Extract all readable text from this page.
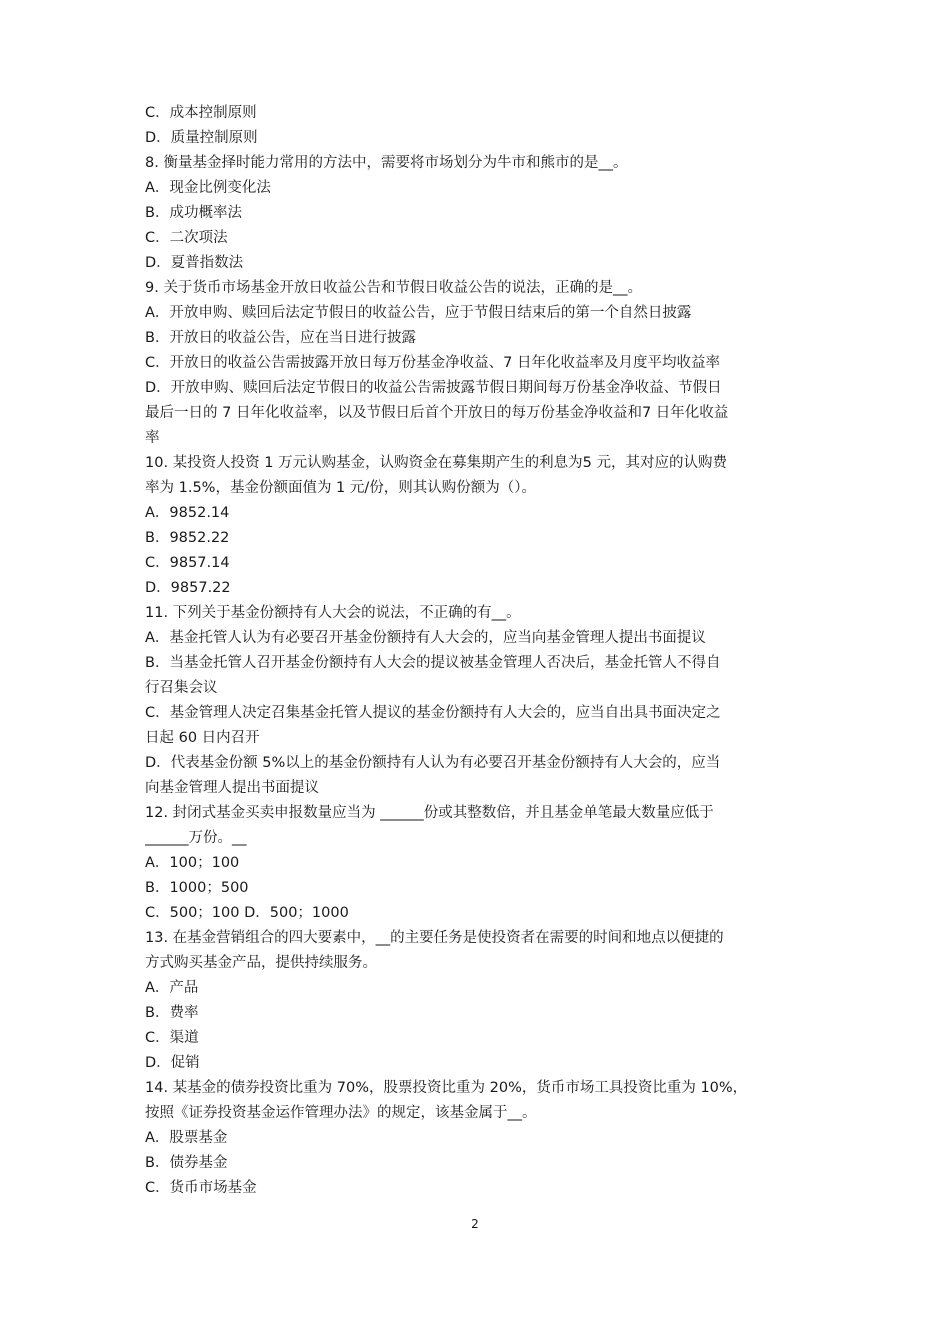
C．成本控制原则
D．质量控制原则
8. 衡量基金择时能力常用的方法中，需要将市场划分为牛市和熊市的是__。
A．现金比例变化法
B．成功概率法
C．二次项法
D．夏普指数法
9. 关于货币市场基金开放日收益公告和节假日收益公告的说法，正确的是__。
A．开放申购、赎回后法定节假日的收益公告，应于节假日结束后的第一个自然日披露
B．开放日的收益公告，应在当日进行披露
C．开放日的收益公告需披露开放日每万份基金净收益、7 日年化收益率及月度平均收益率
D．开放申购、赎回后法定节假日的收益公告需披露节假日期间每万份基金净收益、节假日
最后一日的 7 日年化收益率，以及节假日后首个开放日的每万份基金净收益和7 日年化收益
率
10. 某投资人投资 1 万元认购基金，认购资金在募集期产生的利息为5 元，其对应的认购费
率为 1.5%，基金份额面值为 1 元/份，则其认购份额为（）。
A．9852.14
B．9852.22
C．9857.14
D．9857.22
11. 下列关于基金份额持有人大会的说法，不正确的有__。
A．基金托管人认为有必要召开基金份额持有人大会的，应当向基金管理人提出书面提议
B．当基金托管人召开基金份额持有人大会的提议被基金管理人否决后，基金托管人不得自
行召集会议
C．基金管理人决定召集基金托管人提议的基金份额持有人大会的，应当自出具书面决定之
日起 60 日内召开
D．代表基金份额 5%以上的基金份额持有人认为有必要召开基金份额持有人大会的，应当
向基金管理人提出书面提议
12. 封闭式基金买卖申报数量应当为 ______份或其整数倍，并且基金单笔最大数量应低于
______万份。__
A．100；100
B．1000；500
C．500；100 D．500；1000
13. 在基金营销组合的四大要素中，__的主要任务是使投资者在需要的时间和地点以便捷的
方式购买基金产品，提供持续服务。
A．产品
B．费率
C．渠道
D．促销
14. 某基金的债券投资比重为 70%，股票投资比重为 20%，货币市场工具投资比重为 10%，
按照《证券投资基金运作管理办法》的规定，该基金属于__。
A．股票基金
B．债券基金
C．货币市场基金
2
